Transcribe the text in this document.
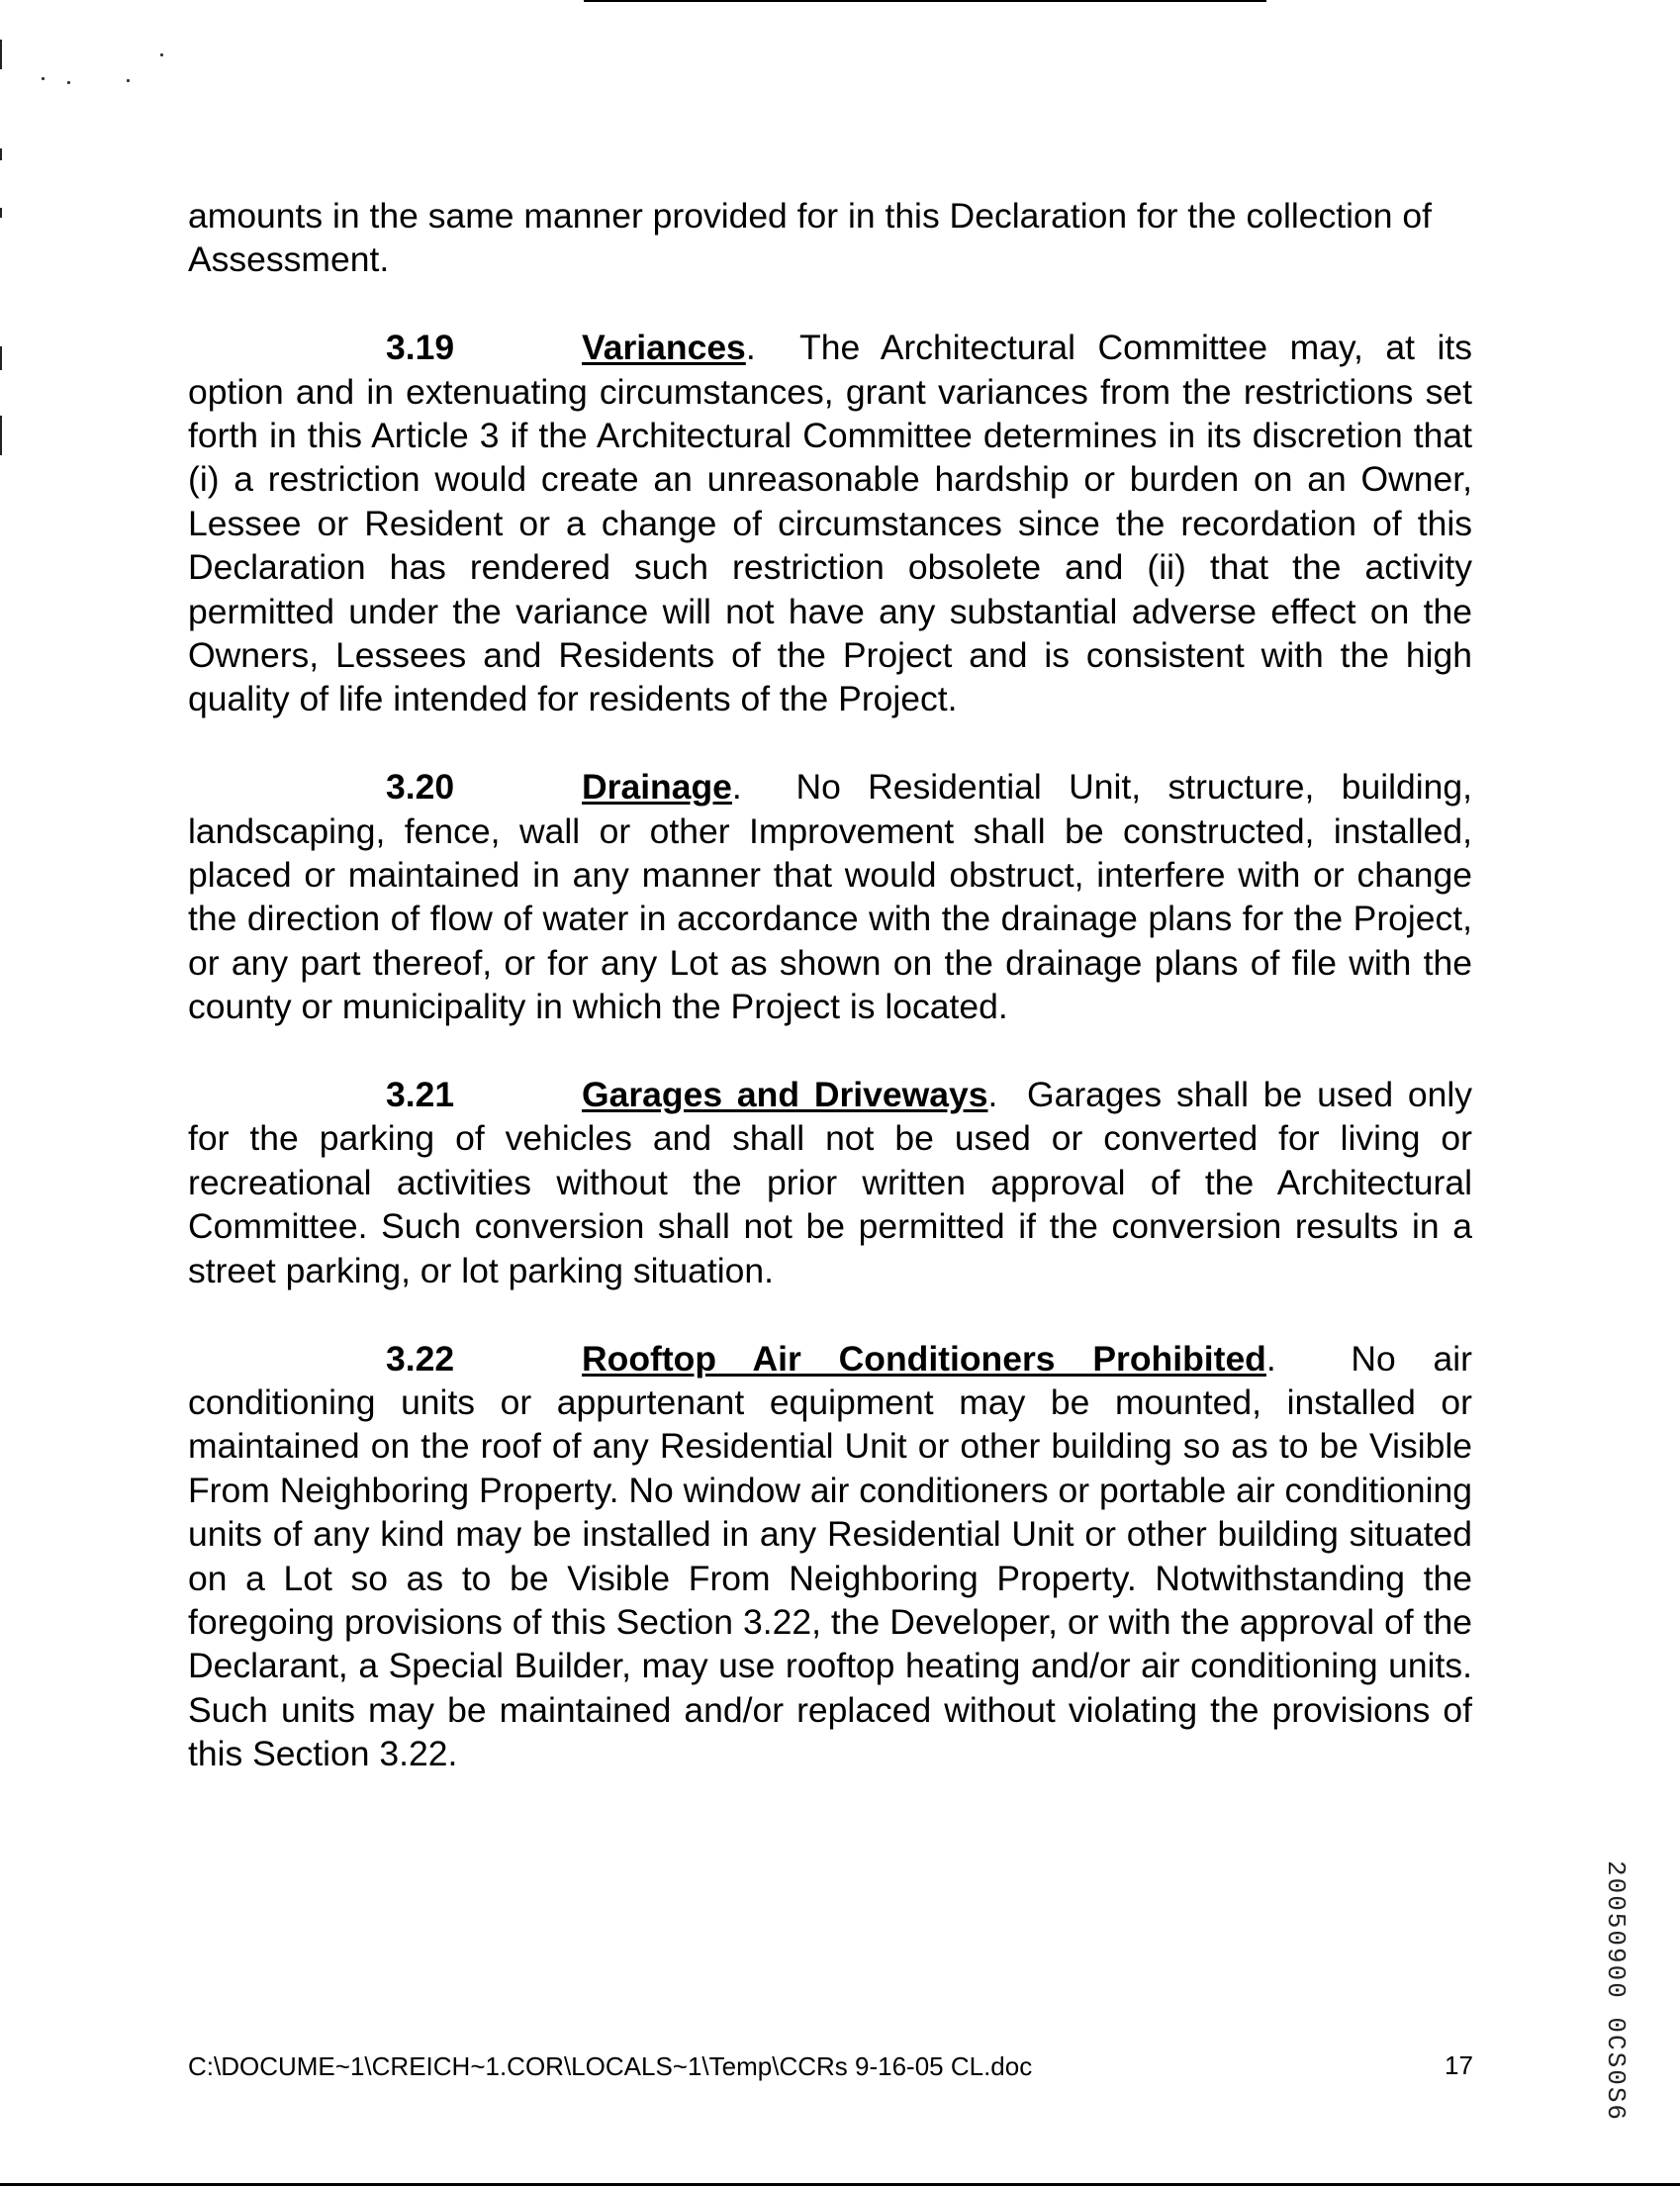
amounts in the same manner provided for in this Declaration for the collection of Assessment.

3.19	Variances.  The Architectural Committee may, at its option and in extenuating circumstances, grant variances from the restrictions set forth in this Article 3 if the Architectural Committee determines in its discretion that (i) a restriction would create an unreasonable hardship or burden on an Owner, Lessee or Resident or a change of circumstances since the recordation of this Declaration has rendered such restriction obsolete and (ii) that the activity permitted under the variance will not have any substantial adverse effect on the Owners, Lessees and Residents of the Project and is consistent with the high quality of life intended for residents of the Project.

3.20	Drainage.  No Residential Unit, structure, building, landscaping, fence, wall or other Improvement shall be constructed, installed, placed or maintained in any manner that would obstruct, interfere with or change the direction of flow of water in accordance with the drainage plans for the Project, or any part thereof, or for any Lot as shown on the drainage plans of file with the county or municipality in which the Project is located.

3.21	Garages and Driveways.  Garages shall be used only for the parking of vehicles and shall not be used or converted for living or recreational activities without the prior written approval of the Architectural Committee. Such conversion shall not be permitted if the conversion results in a street parking, or lot parking situation.

3.22	Rooftop Air Conditioners Prohibited.  No air conditioning units or appurtenant equipment may be mounted, installed or maintained on the roof of any Residential Unit or other building so as to be Visible From Neighboring Property. No window air conditioners or portable air conditioning units of any kind may be installed in any Residential Unit or other building situated on a Lot so as to be Visible From Neighboring Property. Notwithstanding the foregoing provisions of this Section 3.22, the Developer, or with the approval of the Declarant, a Special Builder, may use rooftop heating and/or air conditioning units. Such units may be maintained and/or replaced without violating the provisions of this Section 3.22.

C:\DOCUME~1\CREICH~1.COR\LOCALS~1\Temp\CCRs 9-16-05 CL.doc	17	20050900 0CS0S6
